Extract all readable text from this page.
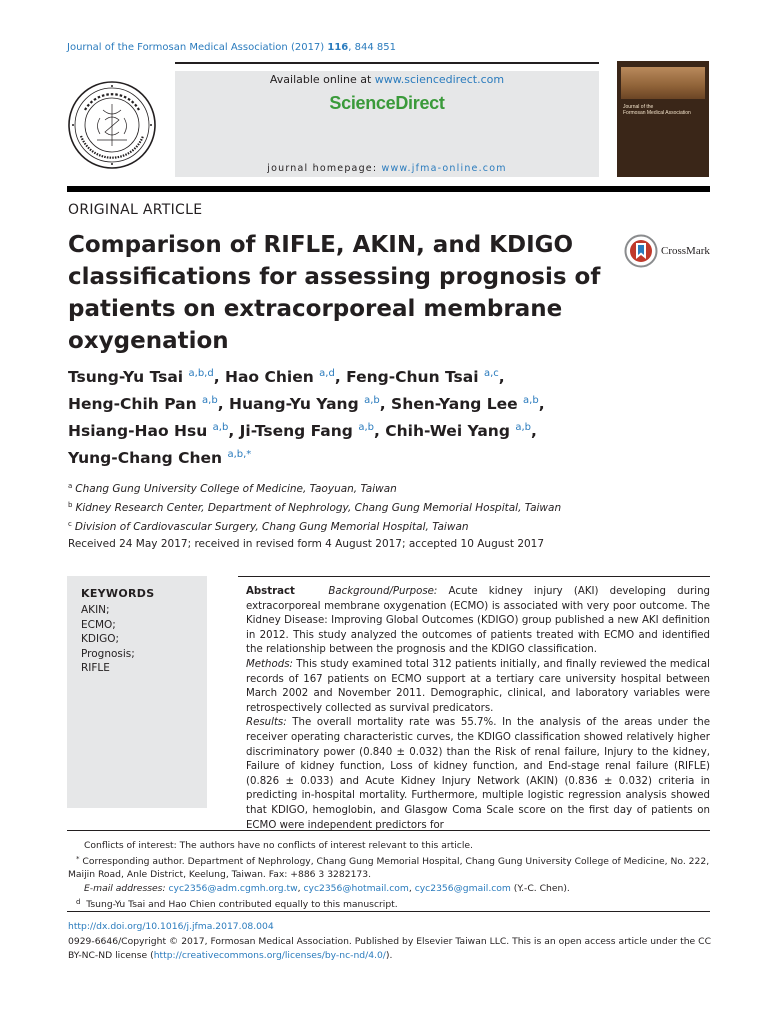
Journal of the Formosan Medical Association (2017) 116, 844 851
Available online at www.sciencedirect.com
ScienceDirect
journal homepage: www.jfma-online.com
Journal of the
Formosan Medical Association
ORIGINAL ARTICLE
Comparison of RIFLE, AKIN, and KDIGO
classifications for assessing prognosis of
patients on extracorporeal membrane
oxygenation
CrossMark
Tsung-Yu Tsai $^{a,b,d}$, Hao Chien $^{a,d}$, Feng-Chun Tsai $^{a,c}$,
Heng-Chih Pan $^{a,b}$, Huang-Yu Yang $^{a,b}$, Shen-Yang Lee $^{a,b}$,
Hsiang-Hao Hsu $^{a,b}$, Ji-Tseng Fang $^{a,b}$, Chih-Wei Yang $^{a,b}$,
Yung-Chang Chen $^{a,b,*}$
$^a$ Chang Gung University College of Medicine, Taoyuan, Taiwan
$^b$ Kidney Research Center, Department of Nephrology, Chang Gung Memorial Hospital, Taiwan
$^c$ Division of Cardiovascular Surgery, Chang Gung Memorial Hospital, Taiwan
Received 24 May 2017; received in revised form 4 August 2017; accepted 10 August 2017
KEYWORDS
AKIN;
ECMO;
KDIGO;
Prognosis;
RIFLE

Abstract	Background/Purpose: Acute kidney injury (AKI) developing during extracorporeal membrane oxygenation (ECMO) is associated with very poor outcome. The Kidney Disease: Improving Global Outcomes (KDIGO) group published a new AKI definition in 2012. This study analyzed the outcomes of patients treated with ECMO and identified the relationship between the prognosis and the KDIGO classification.

Methods: This study examined total 312 patients initially, and finally reviewed the medical records of 167 patients on ECMO support at a tertiary care university hospital between March 2002 and November 2011. Demographic, clinical, and laboratory variables were retrospectively collected as survival predicators.

Results: The overall mortality rate was 55.7%. In the analysis of the areas under the receiver operating characteristic curves, the KDIGO classification showed relatively higher discriminatory power (0.840 ± 0.032) than the Risk of renal failure, Injury to the kidney, Failure of kidney function, Loss of kidney function, and End-stage renal failure (RIFLE) (0.826 ± 0.033) and Acute Kidney Injury Network (AKIN) (0.836 ± 0.032) criteria in predicting in-hospital mortality. Furthermore, multiple logistic regression analysis showed that KDIGO, hemoglobin, and Glasgow Coma Scale score on the first day of patients on ECMO were independent predictors for

Conflicts of interest: The authors have no conflicts of interest relevant to this article.

* Corresponding author. Department of Nephrology, Chang Gung Memorial Hospital, Chang Gung University College of Medicine, No. 222, Maijin Road, Anle District, Keelung, Taiwan. Fax: +886 3 3282173.

E-mail addresses: cyc2356@adm.cgmh.org.tw, cyc2356@hotmail.com, cyc2356@gmail.com (Y.-C. Chen).

$^d$ Tsung-Yu Tsai and Hao Chien contributed equally to this manuscript.

http://dx.doi.org/10.1016/j.jfma.2017.08.004
0929-6646/Copyright © 2017, Formosan Medical Association. Published by Elsevier Taiwan LLC. This is an open access article under the CC BY-NC-ND license (http://creativecommons.org/licenses/by-nc-nd/4.0/).
